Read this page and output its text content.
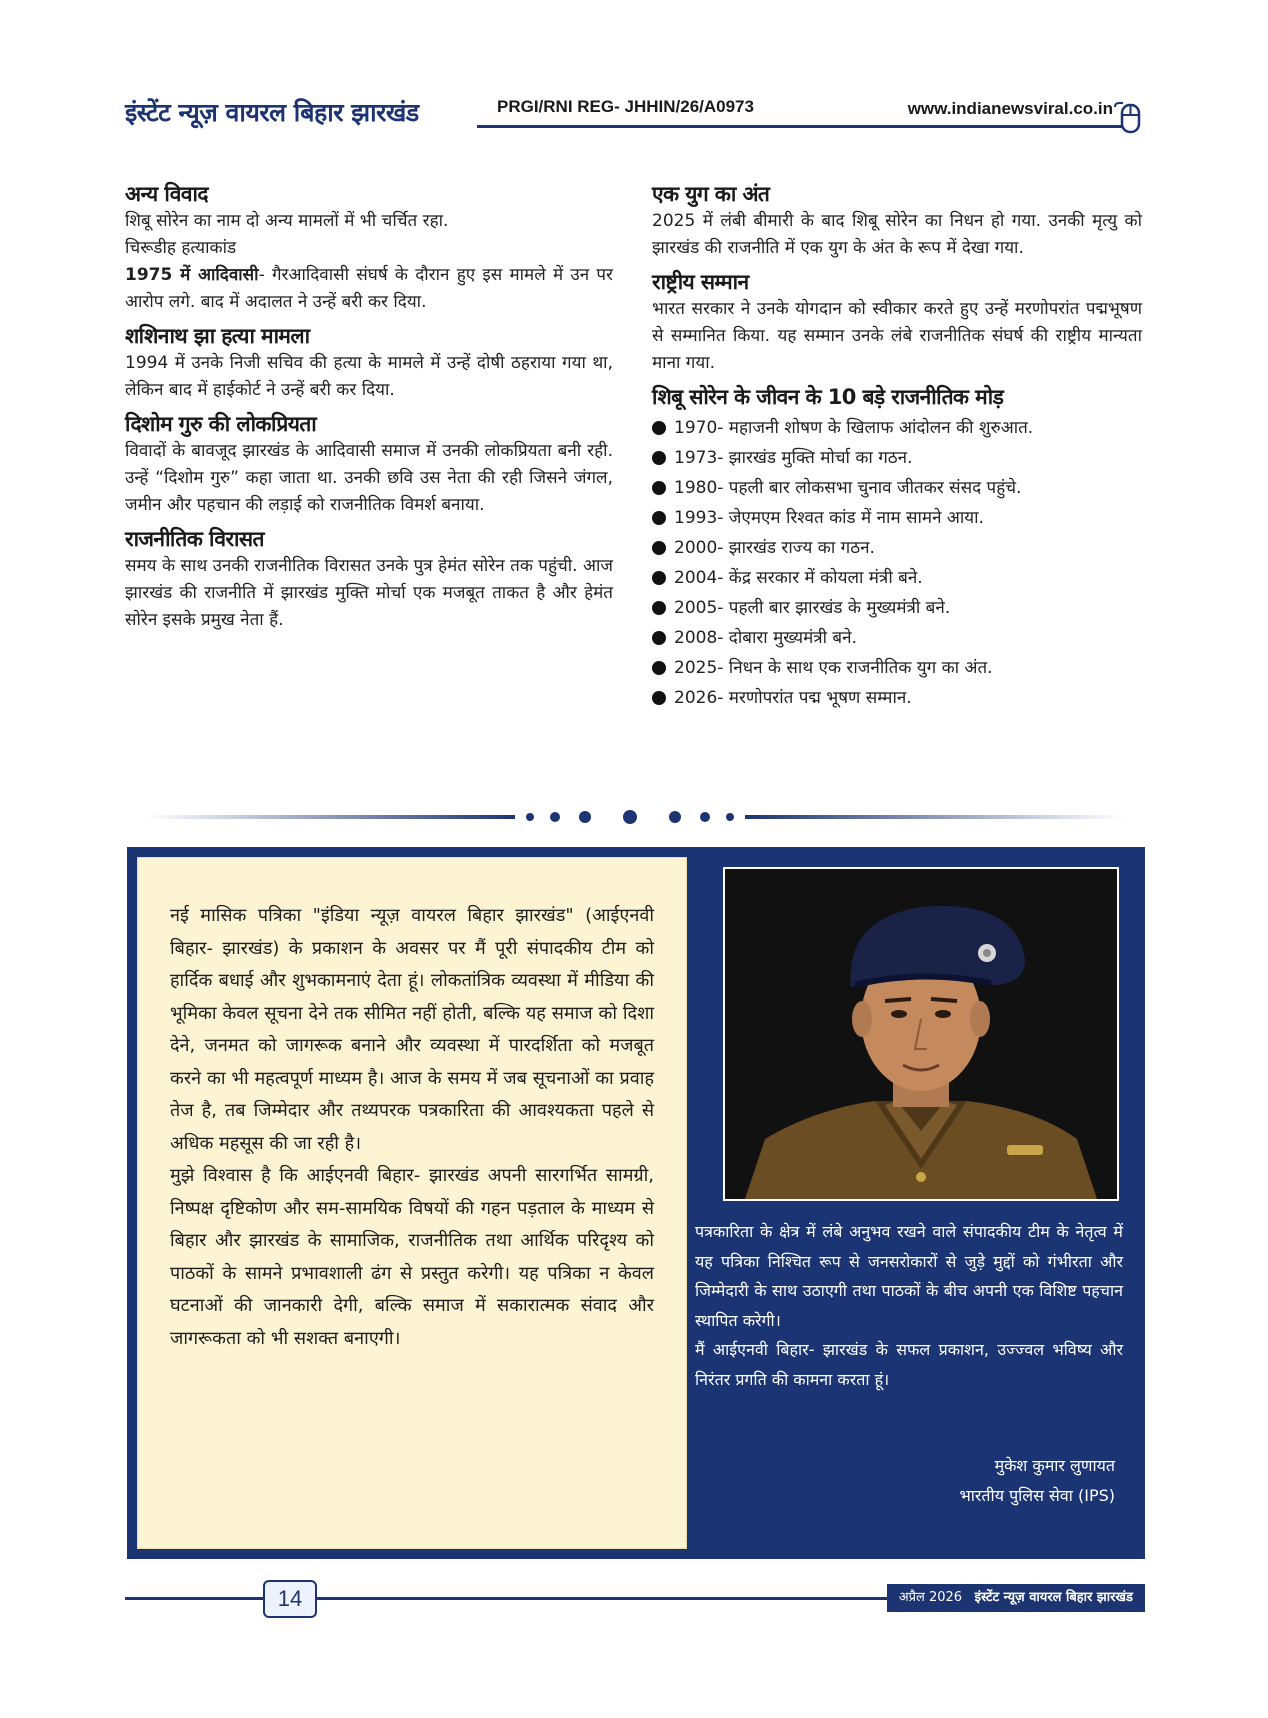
इंस्टेंट न्यूज़ वायरल बिहार झारखंड	PRGI/RNI REG- JHHIN/26/A0973	www.indianewsviral.co.in
अन्य विवाद

शिबू सोरेन का नाम दो अन्य मामलों में भी चर्चित रहा.

चिरूडीह हत्याकांड

1975 में आदिवासी- गैरआदिवासी संघर्ष के दौरान हुए इस मामले में उन पर आरोप लगे. बाद में अदालत ने उन्हें बरी कर दिया.

शशिनाथ झा हत्या मामला

1994 में उनके निजी सचिव की हत्या के मामले में उन्हें दोषी ठहराया गया था, लेकिन बाद में हाईकोर्ट ने उन्हें बरी कर दिया.

दिशोम गुरु की लोकप्रियता

विवादों के बावजूद झारखंड के आदिवासी समाज में उनकी लोकप्रियता बनी रही. उन्हें “दिशोम गुरु” कहा जाता था. उनकी छवि उस नेता की रही जिसने जंगल, जमीन और पहचान की लड़ाई को राजनीतिक विमर्श बनाया.

राजनीतिक विरासत

समय के साथ उनकी राजनीतिक विरासत उनके पुत्र हेमंत सोरेन तक पहुंची. आज झारखंड की राजनीति में झारखंड मुक्ति मोर्चा एक मजबूत ताकत है और हेमंत सोरेन इसके प्रमुख नेता हैं.

एक युग का अंत

2025 में लंबी बीमारी के बाद शिबू सोरेन का निधन हो गया. उनकी मृत्यु को झारखंड की राजनीति में एक युग के अंत के रूप में देखा गया.

राष्ट्रीय सम्मान

भारत सरकार ने उनके योगदान को स्वीकार करते हुए उन्हें मरणोपरांत पद्मभूषण से सम्मानित किया. यह सम्मान उनके लंबे राजनीतिक संघर्ष की राष्ट्रीय मान्यता माना गया.

शिबू सोरेन के जीवन के 10 बड़े राजनीतिक मोड़
1970- महाजनी शोषण के खिलाफ आंदोलन की शुरुआत.
1973- झारखंड मुक्ति मोर्चा का गठन.
1980- पहली बार लोकसभा चुनाव जीतकर संसद पहुंचे.
1993- जेएमएम रिश्वत कांड में नाम सामने आया.
2000- झारखंड राज्य का गठन.
2004- केंद्र सरकार में कोयला मंत्री बने.
2005- पहली बार झारखंड के मुख्यमंत्री बने.
2008- दोबारा मुख्यमंत्री बने.
2025- निधन के साथ एक राजनीतिक युग का अंत.
2026- मरणोपरांत पद्म भूषण सम्मान.

नई मासिक पत्रिका "इंडिया न्यूज़ वायरल बिहार झारखंड" (आईएनवी बिहार- झारखंड) के प्रकाशन के अवसर पर मैं पूरी संपादकीय टीम को हार्दिक बधाई और शुभकामनाएं देता हूं। लोकतांत्रिक व्यवस्था में मीडिया की भूमिका केवल सूचना देने तक सीमित नहीं होती, बल्कि यह समाज को दिशा देने, जनमत को जागरूक बनाने और व्यवस्था में पारदर्शिता को मजबूत करने का भी महत्वपूर्ण माध्यम है। आज के समय में जब सूचनाओं का प्रवाह तेज है, तब जिम्मेदार और तथ्यपरक पत्रकारिता की आवश्यकता पहले से अधिक महसूस की जा रही है।

मुझे विश्वास है कि आईएनवी बिहार- झारखंड अपनी सारगर्भित सामग्री, निष्पक्ष दृष्टिकोण और सम-सामयिक विषयों की गहन पड़ताल के माध्यम से बिहार और झारखंड के सामाजिक, राजनीतिक तथा आर्थिक परिदृश्य को पाठकों के सामने प्रभावशाली ढंग से प्रस्तुत करेगी। यह पत्रिका न केवल घटनाओं की जानकारी देगी, बल्कि समाज में सकारात्मक संवाद और जागरूकता को भी सशक्त बनाएगी।

पत्रकारिता के क्षेत्र में लंबे अनुभव रखने वाले संपादकीय टीम के नेतृत्व में यह पत्रिका निश्चित रूप से जनसरोकारों से जुड़े मुद्दों को गंभीरता और जिम्मेदारी के साथ उठाएगी तथा पाठकों के बीच अपनी एक विशिष्ट पहचान स्थापित करेगी।

मैं आईएनवी बिहार- झारखंड के सफल प्रकाशन, उज्ज्वल भविष्य और निरंतर प्रगति की कामना करता हूं।

मुकेश कुमार लुणायत
भारतीय पुलिस सेवा (IPS)
14	अप्रैल 2026 इंस्टेंट न्यूज़ वायरल बिहार झारखंड
